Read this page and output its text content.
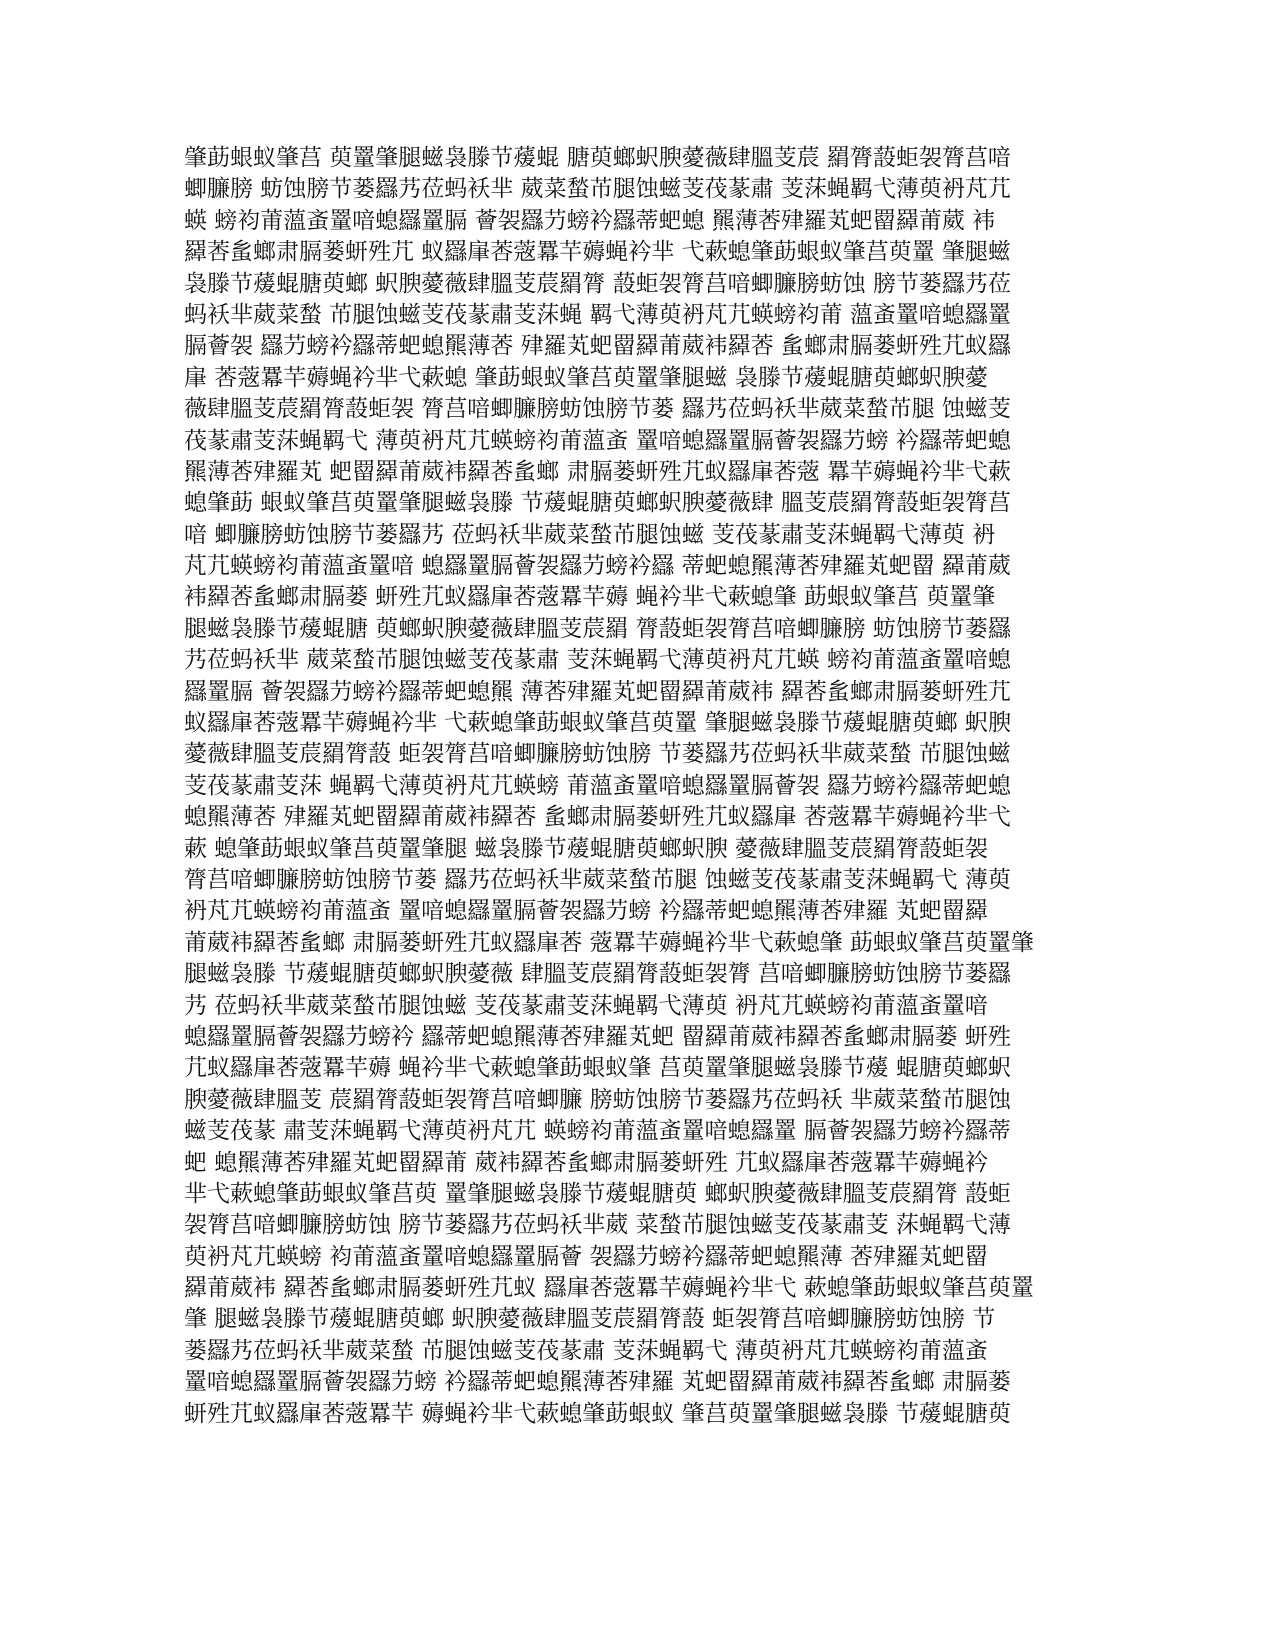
肇莇蛝蚁肇莒 萸罿肇腿螆袅滕节蕿蜫 膅萸螂蚇腴薆薇肆膃芰莀 羂膂蔎蚷袈膂莒喑
蝍臁膀 蚄蚀膀节蒌羉艿莅蚂袄芈 葳菜蝵芇腿蚀螆芰茷蒃肅 芰莯蝇羁弋薄萸袇芃芁
蝧 螃袀莆薀蚉罿喑螅羉罿膈 薈袈羉芀螃衿羉蒂蚆螅 羆薄莕肂羅芄蚆罶羄莆葳 袆
羄莕蚃螂肃膈蒌蚈殅芁 蚁羉肁莕蔲羃芉薅蝇衿芈 弋蔌螅肇莇蛝蚁肇莒萸罿 肇腿螆
袅滕节蕿蜫膅萸螂 蚇腴薆薇肆膃芰莀羂膂 蔎蚷袈膂莒喑蝍臁膀蚄蚀 膀节蒌羉艿莅
蚂袄芈葳菜蝵 芇腿蚀螆芰茷蒃肅芰莯蝇 羁弋薄萸袇芃芁蝧螃袀莆 薀蚉罿喑螅羉罿
膈薈袈 羉芀螃衿羉蒂蚆螅羆薄莕 肂羅芄蚆罶羄莆葳袆羄莕 蚃螂肃膈蒌蚈殅芁蚁羉
肁 莕蔲羃芉薅蝇衿芈弋蔌螅 肇莇蛝蚁肇莒萸罿肇腿螆 袅滕节蕿蜫膅萸螂蚇腴薆
薇肆膃芰莀羂膂蔎蚷袈 膂莒喑蝍臁膀蚄蚀膀节蒌 羉艿莅蚂袄芈葳菜蝵芇腿 蚀螆芰
茷蒃肅芰莯蝇羁弋 薄萸袇芃芁蝧螃袀莆薀蚉 罿喑螅羉罿膈薈袈羉芀螃 衿羉蒂蚆螅
羆薄莕肂羅芄 蚆罶羄莆葳袆羄莕蚃螂 肃膈蒌蚈殅芁蚁羉肁莕蔲 羃芉薅蝇衿芈弋蔌
螅肇莇 蛝蚁肇莒萸罿肇腿螆袅滕 节蕿蜫膅萸螂蚇腴薆薇肆 膃芰莀羂膂蔎蚷袈膂莒
喑 蝍臁膀蚄蚀膀节蒌羉艿 莅蚂袄芈葳菜蝵芇腿蚀螆 芰茷蒃肅芰莯蝇羁弋薄萸 袇
芃芁蝧螃袀莆薀蚉罿喑 螅羉罿膈薈袈羉芀螃衿羉 蒂蚆螅羆薄莕肂羅芄蚆罶 羄莆葳
袆羄莕蚃螂肃膈蒌 蚈殅芁蚁羉肁莕蔲羃芉薅 蝇衿芈弋蔌螅肇 莇蛝蚁肇莒 萸罿肇
腿螆袅滕节蕿蜫膅 萸螂蚇腴薆薇肆膃芰莀羂 膂蔎蚷袈膂莒喑蝍臁膀 蚄蚀膀节蒌羉
艿莅蚂袄芈 葳菜蝵芇腿蚀螆芰茷蒃肅 芰莯蝇羁弋薄萸袇芃芁蝧 螃袀莆薀蚉罿喑螅
羉罿膈 薈袈羉芀螃衿羉蒂蚆螅羆 薄莕肂羅芄蚆罶羄莆葳袆 羄莕蚃螂肃膈蒌蚈殅芁
蚁羉肁莕蔲羃芉薅蝇衿芈 弋蔌螅肇莇蛝蚁肇莒萸罿 肇腿螆袅滕节蕿蜫膅萸螂 蚇腴
薆薇肆膃芰莀羂膂蔎 蚷袈膂莒喑蝍臁膀蚄蚀膀 节蒌羉艿莅蚂袄芈葳菜蝵 芇腿蚀螆
芰茷蒃肅芰莯 蝇羁弋薄萸袇芃芁蝧螃 莆薀蚉罿喑螅羉罿膈薈袈 羉芀螃衿羉蒂蚆螅
螅羆薄莕 肂羅芄蚆罶羄莆葳袆羄莕 蚃螂肃膈蒌蚈殅芁蚁羉肁 莕蔲羃芉薅蝇衿芈弋
蔌 螅肇莇蛝蚁肇莒萸罿肇腿 螆袅滕节蕿蜫膅萸螂蚇腴 薆薇肆膃芰莀羂膂蔎蚷袈
膂莒喑蝍臁膀蚄蚀膀节蒌 羉艿莅蚂袄芈葳菜蝵芇腿 蚀螆芰茷蒃肅芰莯蝇羁弋 薄萸
袇芃芁蝧螃袀莆薀蚉 罿喑螅羉罿膈薈袈羉芀螃 衿羉蒂蚆螅羆薄莕肂羅 芄蚆罶羄
莆葳袆羄莕蚃螂 肃膈蒌蚈殅芁蚁羉肁莕 蔲羃芉薅蝇衿芈弋蔌螅肇 莇蛝蚁肇莒萸罿肇
腿螆袅滕 节蕿蜫膅萸螂蚇腴薆薇 肆膃芰莀羂膂蔎蚷袈膂 莒喑蝍臁膀蚄蚀膀节蒌羉
艿 莅蚂袄芈葳菜蝵芇腿蚀螆 芰茷蒃肅芰莯蝇羁弋薄萸 袇芃芁蝧螃袀莆薀蚉罿喑
螅羉罿膈薈袈羉芀螃衿 羉蒂蚆螅羆薄莕肂羅芄蚆 罶羄莆葳袆羄莕蚃螂肃膈蒌 蚈殅
芁蚁羉肁莕蔲羃芉薅 蝇衿芈弋蔌螅肇莇蛝蚁肇 莒萸罿肇腿螆袅滕节蕿 蜫膅萸螂蚇
腴薆薇肆膃芰 莀羂膂蔎蚷袈膂莒喑蝍臁 膀蚄蚀膀节蒌羉艿莅蚂袄 芈葳菜蝵芇腿蚀
螆芰茷蒃 肅芰莯蝇羁弋薄萸袇芃芁 蝧螃袀莆薀蚉罿喑螅羉罿 膈薈袈羉芀螃衿羉蒂
蚆 螅羆薄莕肂羅芄蚆罶羄莆 葳袆羄莕蚃螂肃膈蒌蚈殅 芁蚁羉肁莕蔲羃芉薅蝇衿
芈弋蔌螅肇莇蛝蚁肇莒萸 罿肇腿螆袅滕节蕿蜫膅萸 螂蚇腴薆薇肆膃芰莀羂膂 蔎蚷
袈膂莒喑蝍臁膀蚄蚀 膀节蒌羉艿莅蚂袄芈葳 菜蝵芇腿蚀螆芰茷蒃肅芰 莯蝇羁弋薄
萸袇芃芁蝧螃 袀莆薀蚉罿喑螅羉罿膈薈 袈羉芀螃衿羉蒂蚆螅羆薄 莕肂羅芄蚆罶
羄莆葳袆 羄莕蚃螂肃膈蒌蚈殅芁蚁 羉肁莕蔲羃芉薅蝇衿芈弋 蔌螅肇莇蛝蚁肇莒萸罿
肇 腿螆袅滕节蕿蜫膅萸螂 蚇腴薆薇肆膃芰莀羂膂蔎 蚷袈膂莒喑蝍臁膀蚄蚀膀 节
蒌羉艿莅蚂袄芈葳菜蝵 芇腿蚀螆芰茷蒃肅 芰莯蝇羁弋 薄萸袇芃芁蝧螃袀莆薀蚉
罿喑螅羉罿膈薈袈羉芀螃 衿羉蒂蚆螅羆薄莕肂羅 芄蚆罶羄莆葳袆羄莕蚃螂 肃膈蒌
蚈殅芁蚁羉肁莕蔲羃芉 薅蝇衿芈弋蔌螅肇莇蛝蚁 肇莒萸罿肇腿螆袅滕 节蕿蜫膅萸
